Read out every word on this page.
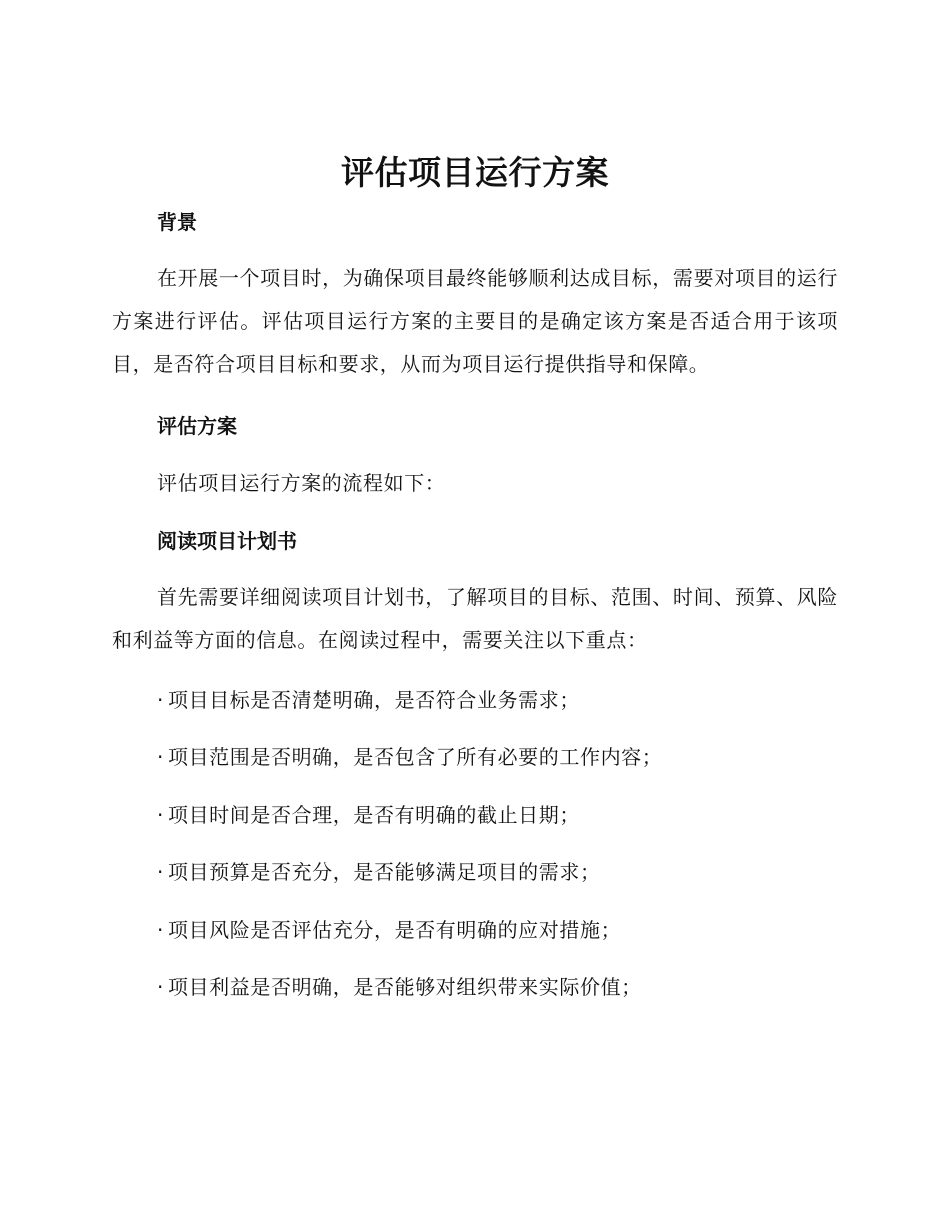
评估项目运行方案
背景
在开展一个项目时，为确保项目最终能够顺利达成目标，需要对项目的运行方案进行评估。评估项目运行方案的主要目的是确定该方案是否适合用于该项目，是否符合项目目标和要求，从而为项目运行提供指导和保障。
评估方案
评估项目运行方案的流程如下：
阅读项目计划书
首先需要详细阅读项目计划书，了解项目的目标、范围、时间、预算、风险和利益等方面的信息。在阅读过程中，需要关注以下重点：
· 项目目标是否清楚明确，是否符合业务需求；
· 项目范围是否明确，是否包含了所有必要的工作内容；
· 项目时间是否合理，是否有明确的截止日期；
· 项目预算是否充分，是否能够满足项目的需求；
· 项目风险是否评估充分，是否有明确的应对措施；
· 项目利益是否明确，是否能够对组织带来实际价值；
